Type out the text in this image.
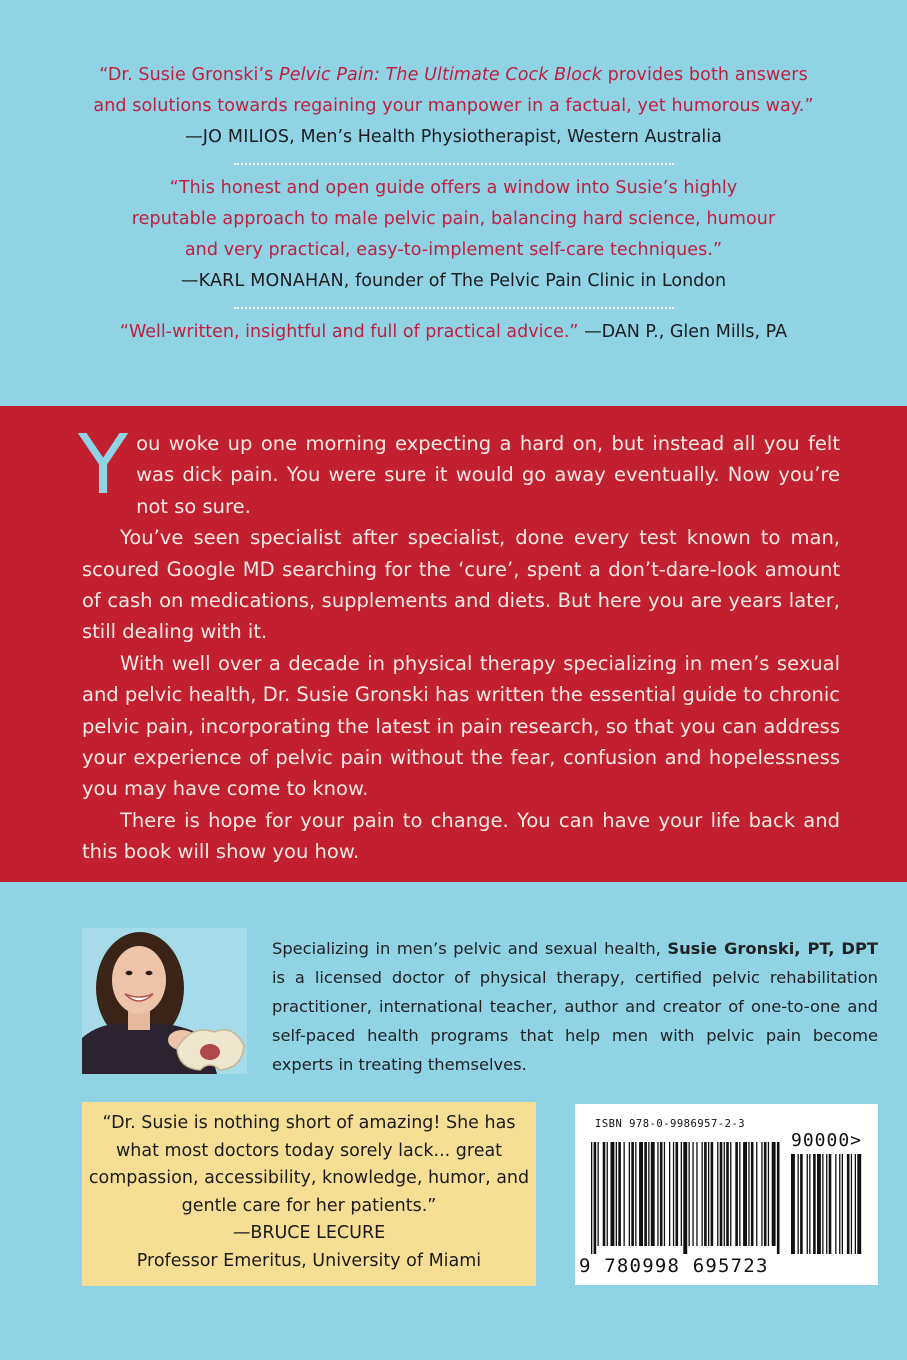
“Dr. Susie Gronski’s Pelvic Pain: The Ultimate Cock Block provides both answers
and solutions towards regaining your manpower in a factual, yet humorous way.”
—JO MILIOS, Men’s Health Physiotherapist, Western Australia
“This honest and open guide offers a window into Susie’s highly
reputable approach to male pelvic pain, balancing hard science, humour
and very practical, easy-to-implement self-care techniques.”
—KARL MONAHAN, founder of The Pelvic Pain Clinic in London
“Well-written, insightful and full of practical advice.” —DAN P., Glen Mills, PA

You woke up one morning expecting a hard on, but instead all you felt was dick pain. You were sure it would go away eventually. Now you’re not so sure.

You’ve seen specialist after specialist, done every test known to man, scoured Google MD searching for the ‘cure’, spent a don’t-dare-look amount of cash on medications, supplements and diets. But here you are years later, still dealing with it.

With well over a decade in physical therapy specializing in men’s sexual and pelvic health, Dr. Susie Gronski has written the essential guide to chronic pelvic pain, incorporating the latest in pain research, so that you can address your experience of pelvic pain without the fear, confusion and hopelessness you may have come to know.

There is hope for your pain to change. You can have your life back and this book will show you how.

Specializing in men’s pelvic and sexual health, Susie Gronski, PT, DPT is a licensed doctor of physical therapy, certified pelvic rehabilitation practitioner, international teacher, author and creator of one-to-one and self-paced health programs that help men with pelvic pain become experts in treating themselves.
“Dr. Susie is nothing short of amazing! She has
what most doctors today sorely lack... great
compassion, accessibility, knowledge, humor, and
gentle care for her patients.”
—BRUCE LECURE
Professor Emeritus, University of Miami
ISBN 978-0-9986957-2-3
90000>
9 780998 695723
